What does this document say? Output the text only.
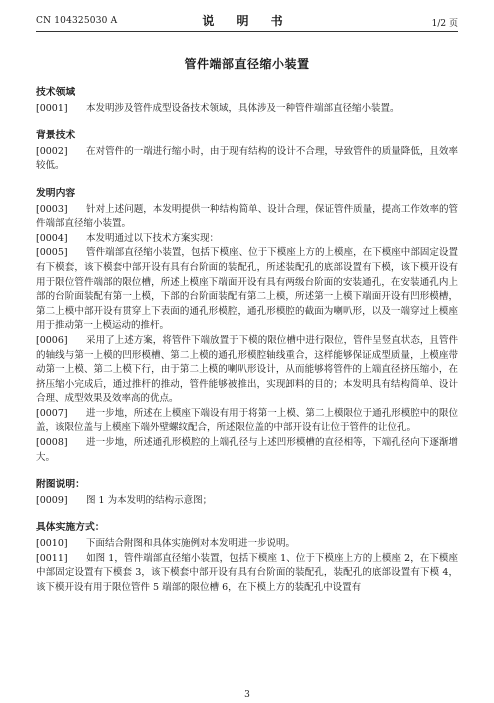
CN 104325030 A	说 明 书	1/2 页
管件端部直径缩小装置
技术领域

[0001] 本发明涉及管件成型设备技术领域，具体涉及一种管件端部直径缩小装置。

背景技术

[0002] 在对管件的一端进行缩小时，由于现有结构的设计不合理，导致管件的质量降低，且效率较低。

发明内容

[0003] 针对上述问题，本发明提供一种结构简单、设计合理，保证管件质量，提高工作效率的管件端部直径缩小装置。

[0004] 本发明通过以下技术方案实现：

[0005] 管件端部直径缩小装置，包括下模座、位于下模座上方的上模座，在下模座中部固定设置有下模套，该下模套中部开设有具有台阶面的装配孔，所述装配孔的底部设置有下模，该下模开设有用于限位管件端部的限位槽，所述上模座下端面开设有具有两级台阶面的安装通孔，在安装通孔内上部的台阶面装配有第一上模，下部的台阶面装配有第二上模，所述第一上模下端面开设有凹形模槽，第二上模中部开设有贯穿上下表面的通孔形模腔，通孔形模腔的截面为喇叭形，以及一端穿过上模座用于推动第一上模运动的推杆。

[0006] 采用了上述方案，将管件下端放置于下模的限位槽中进行限位，管件呈竖直状态，且管件的轴线与第一上模的凹形模槽、第二上模的通孔形模腔轴线重合，这样能够保证成型质量，上模座带动第一上模、第二上模下行，由于第二上模的喇叭形设计，从而能够将管件的上端直径挤压缩小，在挤压缩小完成后，通过推杆的推动，管件能够被推出，实现卸料的目的；本发明具有结构简单、设计合理、成型效果及效率高的优点。

[0007] 进一步地，所述在上模座下端设有用于将第一上模、第二上模限位于通孔形模腔中的限位盖，该限位盖与上模座下端外壁螺纹配合，所述限位盖的中部开设有让位于管件的让位孔。

[0008] 进一步地，所述通孔形模腔的上端孔径与上述凹形模槽的直径相等，下端孔径向下逐渐增大。

附图说明：

[0009] 图 1 为本发明的结构示意图；

具体实施方式：

[0010] 下面结合附图和具体实施例对本发明进一步说明。

[0011] 如图 1，管件端部直径缩小装置，包括下模座 1、位于下模座上方的上模座 2，在下模座中部固定设置有下模套 3，该下模套中部开设有具有台阶面的装配孔，装配孔的底部设置有下模 4，该下模开设有用于限位管件 5 端部的限位槽 6，在下模上方的装配孔中设置有

3
